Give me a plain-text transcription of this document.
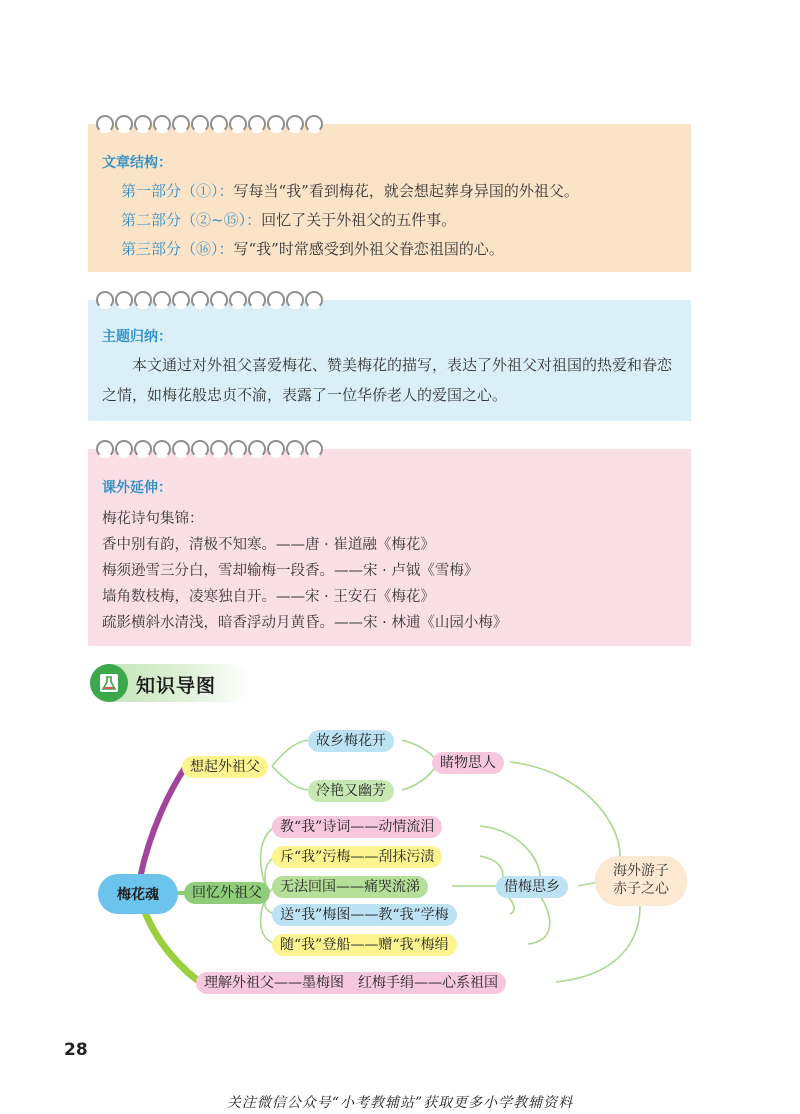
文章结构：
第一部分（①）：写每当“我”看到梅花，就会想起葬身异国的外祖父。
第二部分（②~⑮）：回忆了关于外祖父的五件事。
第三部分（⑯）：写“我”时常感受到外祖父眷恋祖国的心。
主题归纳：
本文通过对外祖父喜爱梅花、赞美梅花的描写，表达了外祖父对祖国的热爱和眷恋之情，如梅花般忠贞不渝，表露了一位华侨老人的爱国之心。
课外延伸：
梅花诗句集锦：
香中别有韵，清极不知寒。——唐 · 崔道融《梅花》
梅须逊雪三分白，雪却输梅一段香。——宋 · 卢钺《雪梅》
墙角数枝梅，凌寒独自开。——宋 · 王安石《梅花》
疏影横斜水清浅，暗香浮动月黄昏。——宋 · 林逋《山园小梅》
知识导图
梅花魂
想起外祖父
故乡梅花开
冷艳又幽芳
睹物思人
回忆外祖父
教“我”诗词——动情流泪
斥“我”污梅——刮抹污渍
无法回国——痛哭流涕
送“我”梅图——教“我”学梅
随“我”登船——赠“我”梅绢
借梅思乡
理解外祖父——墨梅图　红梅手绢——心系祖国
海外游子
赤子之心
28
关注微信公众号“小考教辅站”获取更多小学教辅资料
